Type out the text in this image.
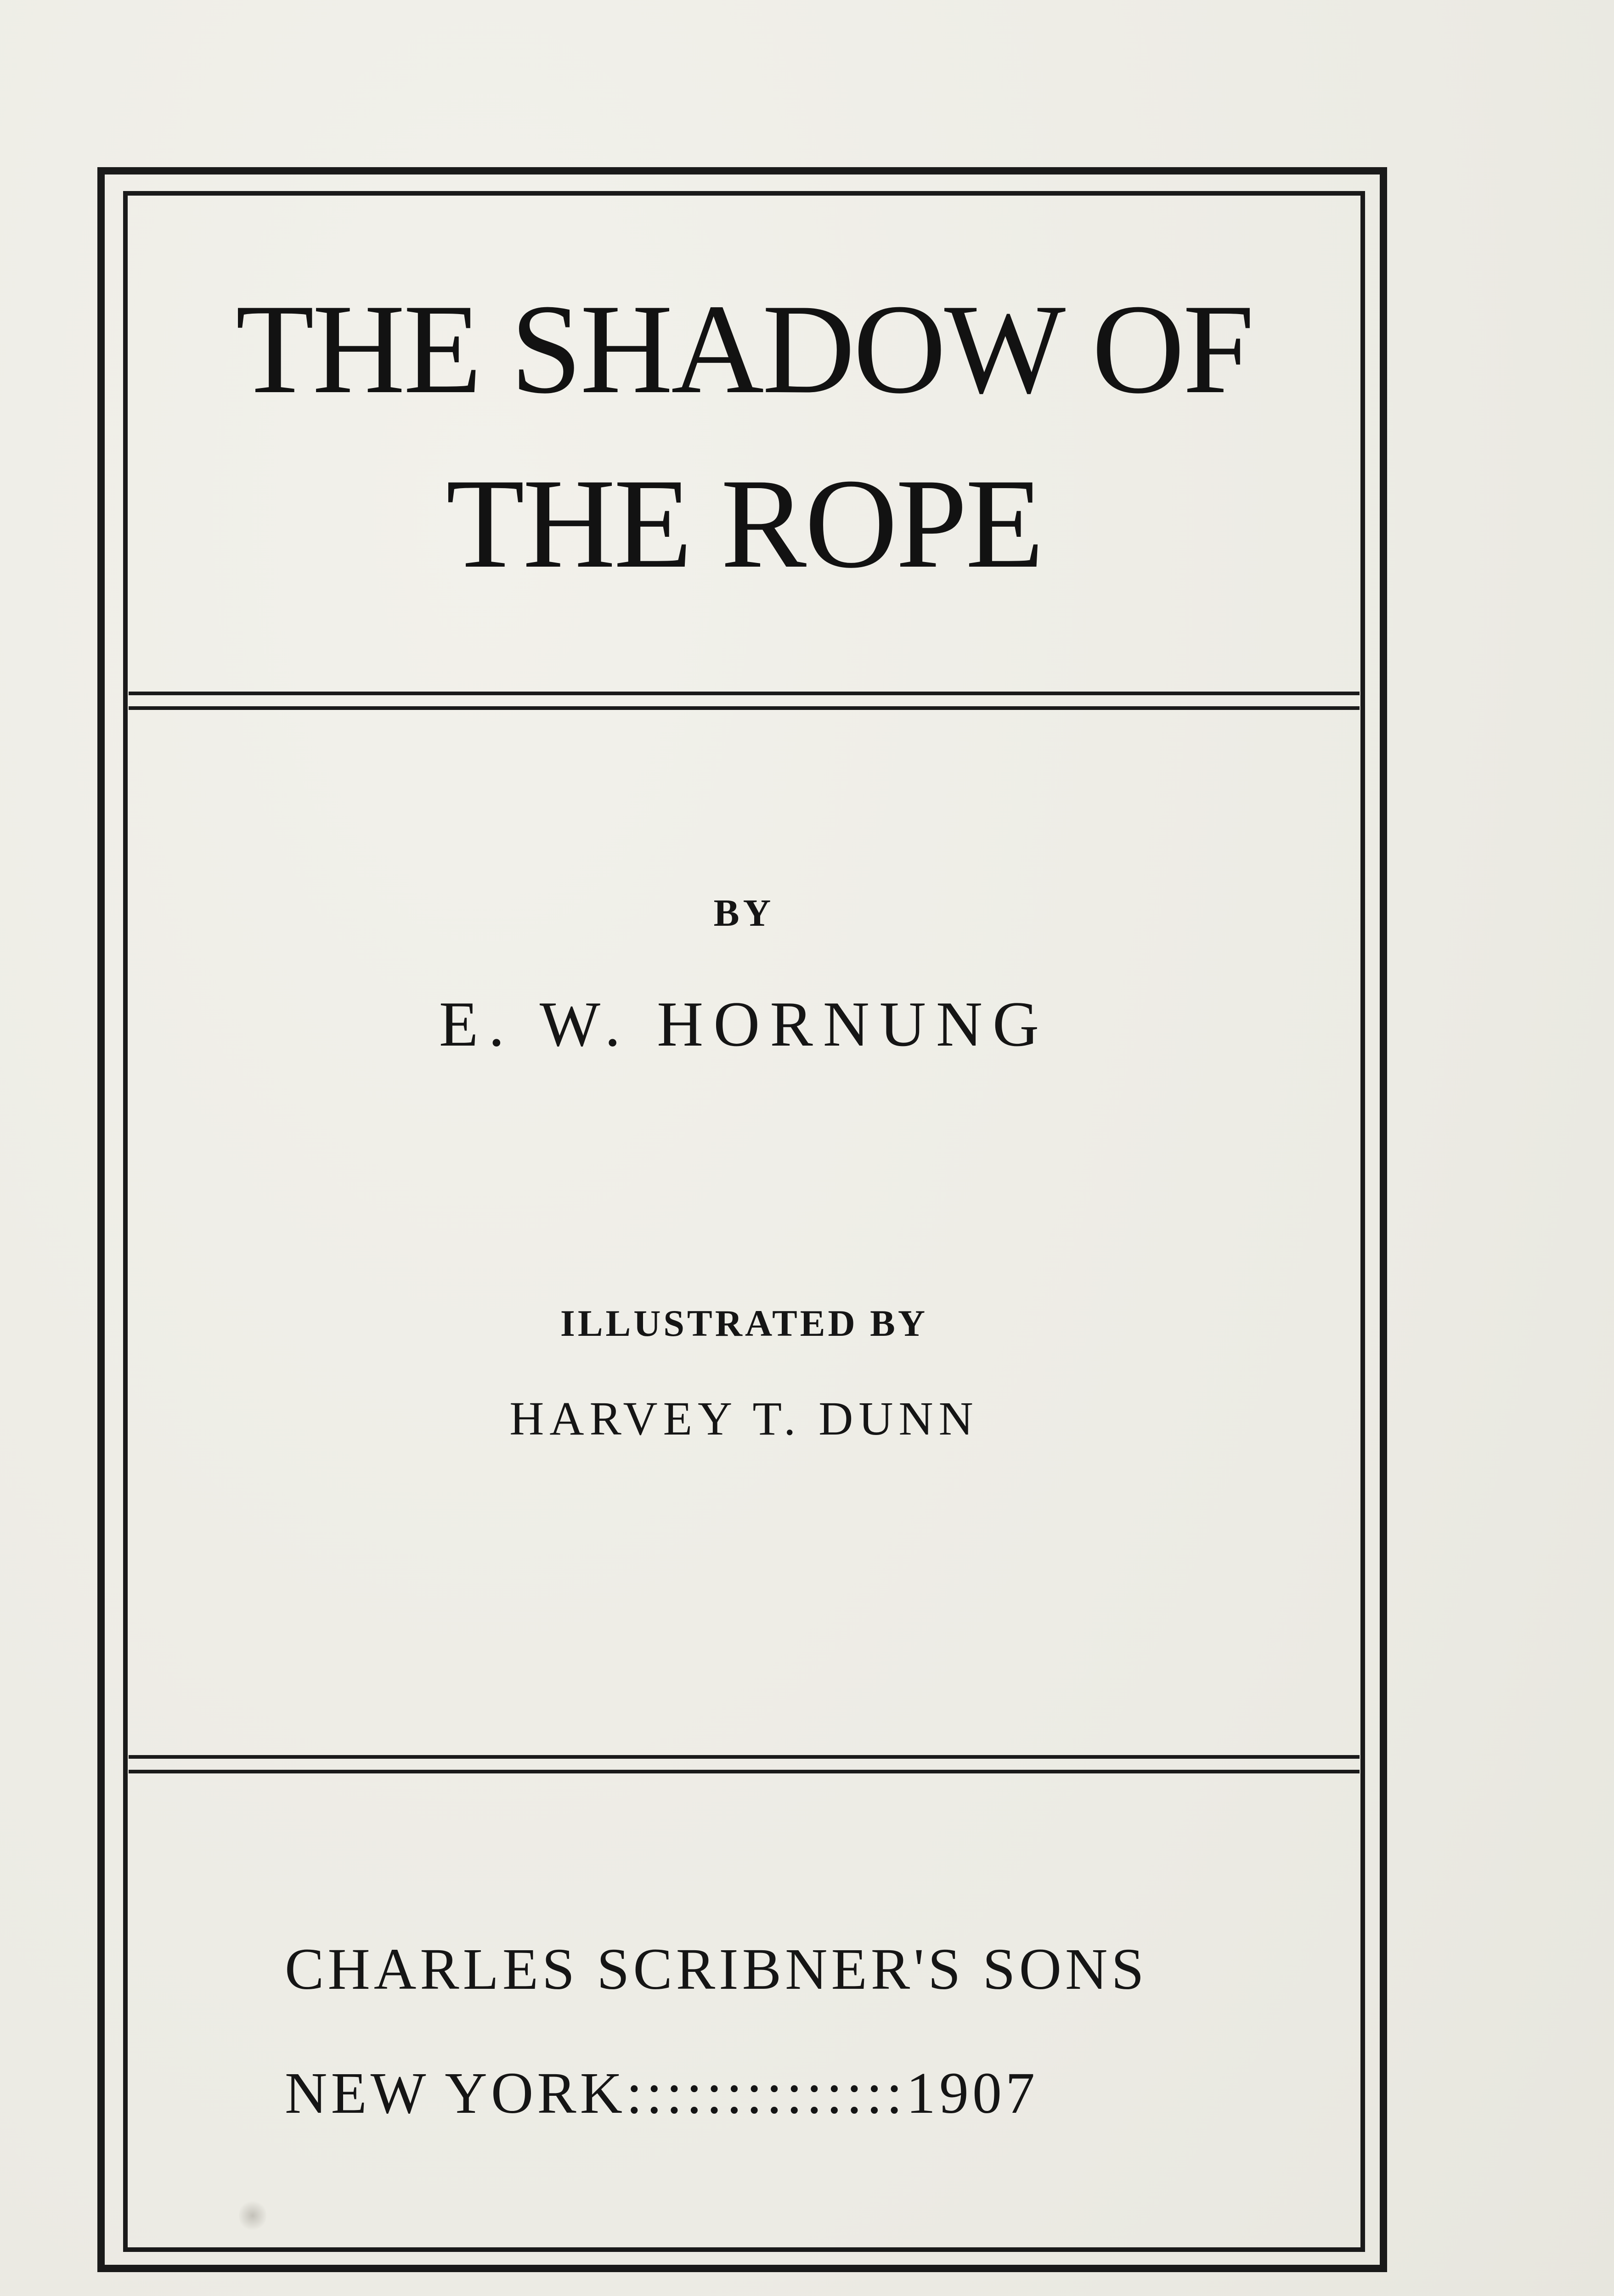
THE SHADOW OF
THE ROPE
BY
E. W. HORNUNG
ILLUSTRATED BY
HARVEY T. DUNN
CHARLES SCRIBNER'S SONS
NEW YORK::::::::::::::1907
